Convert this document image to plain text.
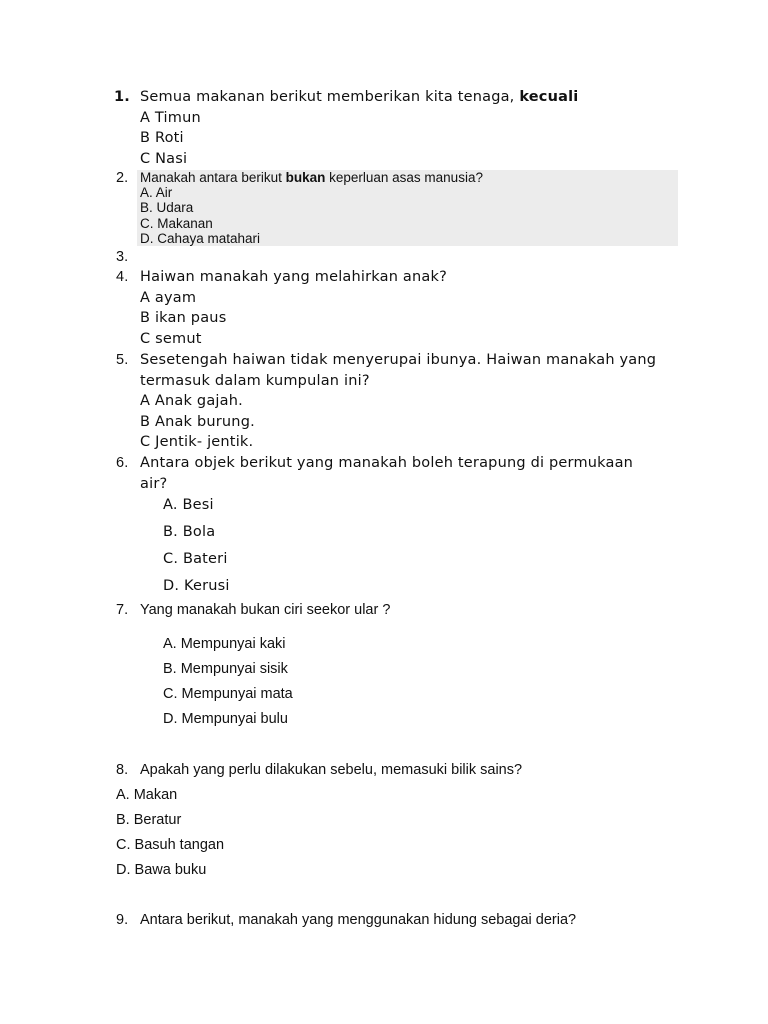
1. Semua makanan berikut memberikan kita tenaga, kecuali
A Timun
B Roti
C Nasi
2. Manakah antara berikut bukan keperluan asas manusia?
A. Air
B. Udara
C. Makanan
D. Cahaya matahari
3.
4. Haiwan manakah yang melahirkan anak?
A ayam
B ikan paus
C semut
5. Sesetengah haiwan tidak menyerupai ibunya. Haiwan manakah yang
termasuk dalam kumpulan ini?
A Anak gajah.
B Anak burung.
C Jentik- jentik.
6. Antara objek berikut yang manakah boleh terapung di permukaan
air?
A. Besi
B. Bola
C. Bateri
D. Kerusi
7. Yang manakah bukan ciri seekor ular ?
A. Mempunyai kaki
B. Mempunyai sisik
C. Mempunyai mata
D. Mempunyai bulu
8. Apakah yang perlu dilakukan sebelu, memasuki bilik sains?
A. Makan
B. Beratur
C. Basuh tangan
D. Bawa buku
9. Antara berikut, manakah yang menggunakan hidung sebagai deria?
